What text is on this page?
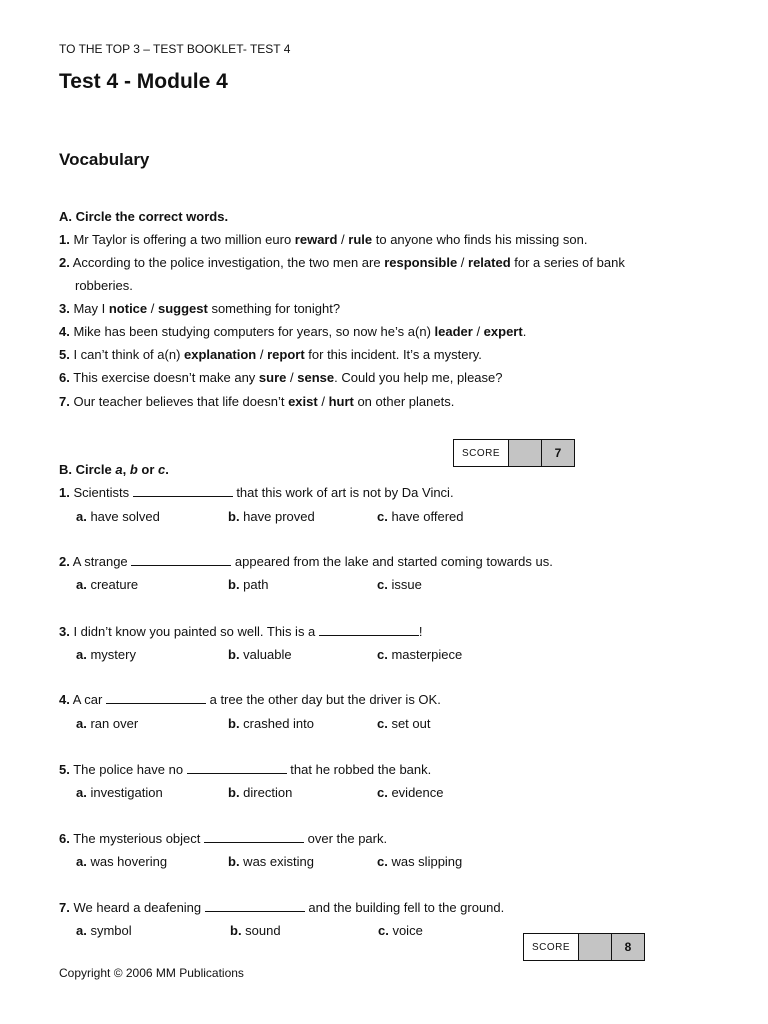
TO THE TOP 3 – TEST BOOKLET- TEST 4
Test 4 - Module 4
Vocabulary
A. Circle the correct words.
1. Mr Taylor is offering a two million euro reward / rule to anyone who finds his missing son.
2. According to the police investigation, the two men are responsible / related for a series of bank
robberies.
3. May I notice / suggest something for tonight?
4. Mike has been studying computers for years, so now he’s a(n) leader / expert.
5. I can’t think of a(n) explanation / report for this incident. It’s a mystery.
6. This exercise doesn’t make any sure / sense. Could you help me, please?
7. Our teacher believes that life doesn’t exist / hurt on other planets.
SCORE	7
B. Circle a, b or c.
1. Scientists	that this work of art is not by Da Vinci.
a. have solved	b. have proved	c. have offered
2. A strange	appeared from the lake and started coming towards us.
a. creature	b. path	c. issue
3. I didn’t know you painted so well. This is a	!
a. mystery	b. valuable	c. masterpiece
4. A car	a tree the other day but the driver is OK.
a. ran over	b. crashed into	c. set out
5. The police have no	that he robbed the bank.
a. investigation	b. direction	c. evidence
6. The mysterious object	over the park.
a. was hovering	b. was existing	c. was slipping
7. We heard a deafening	and the building fell to the ground.
a. symbol	b. sound	c. voice
SCORE	8
Copyright © 2006 MM Publications
